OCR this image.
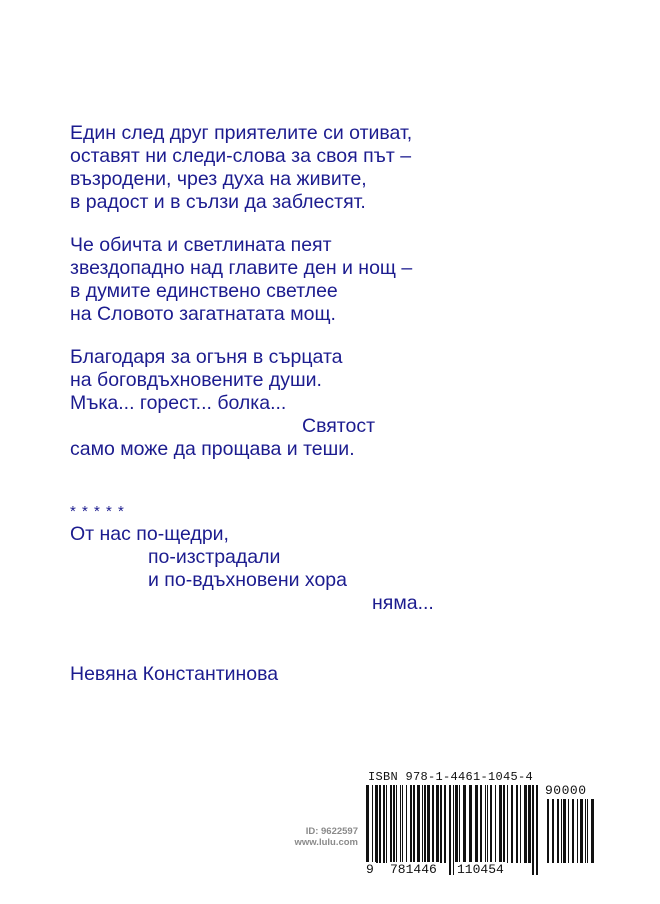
Един след друг приятелите си отиват,
оставят ни следи-слова за своя път –
възродени, чрез духа на живите,
в радост и в сълзи да заблестят.
Че обичта и светлината пеят
звездопадно над главите ден и нощ –
в думите единствено светлее
на Словото загатнатата мощ.
Благодаря за огъня в сърцата
на боговдъхновените души.
Мъка... горест... болка...
Святост
само може да прощава и теши.
* * * * *
От нас по-щедри,
по-изстрадали
и по-вдъхновени хора
няма...
Невяна Константинова
ID: 9622597
www.lulu.com
ISBN 978-1-4461-1045-4
90000
9 781446 110454
